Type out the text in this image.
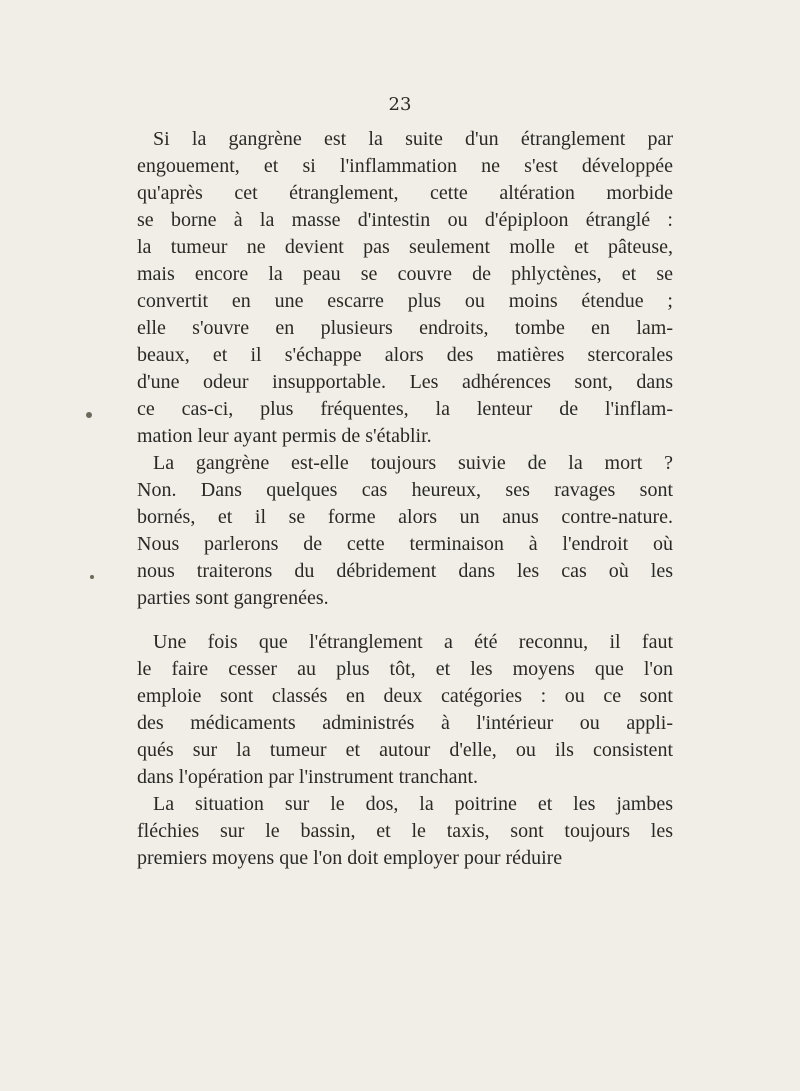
23

Si la gangrène est la suite d'un étranglement par
engouement, et si l'inflammation ne s'est développée
qu'après cet étranglement, cette altération morbide
se borne à la masse d'intestin ou d'épiploon étranglé :
la tumeur ne devient pas seulement molle et pâteuse,
mais encore la peau se couvre de phlyctènes, et se
convertit en une escarre plus ou moins étendue ;
elle s'ouvre en plusieurs endroits, tombe en lam-
beaux, et il s'échappe alors des matières stercorales
d'une odeur insupportable. Les adhérences sont, dans
ce cas-ci, plus fréquentes, la lenteur de l'inflam-
mation leur ayant permis de s'établir.

La gangrène est-elle toujours suivie de la mort ?
Non. Dans quelques cas heureux, ses ravages sont
bornés, et il se forme alors un anus contre-nature.
Nous parlerons de cette terminaison à l'endroit où
nous traiterons du débridement dans les cas où les
parties sont gangrenées.

Une fois que l'étranglement a été reconnu, il faut
le faire cesser au plus tôt, et les moyens que l'on
emploie sont classés en deux catégories : ou ce sont
des médicaments administrés à l'intérieur ou appli-
qués sur la tumeur et autour d'elle, ou ils consistent
dans l'opération par l'instrument tranchant.

La situation sur le dos, la poitrine et les jambes
fléchies sur le bassin, et le taxis, sont toujours les
premiers moyens que l'on doit employer pour réduire
